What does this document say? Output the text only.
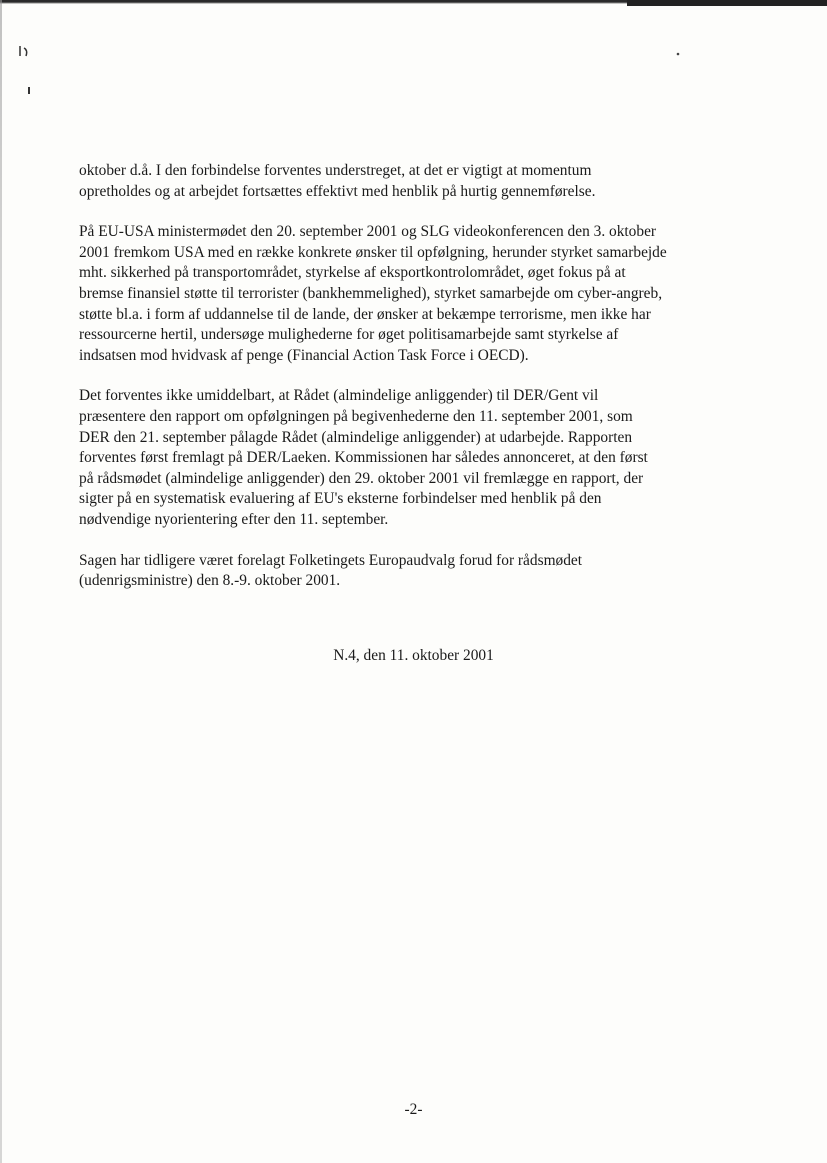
oktober d.å. I den forbindelse forventes understreget, at det er vigtigt at momentum
opretholdes og at arbejdet fortsættes effektivt med henblik på hurtig gennemførelse.

På EU-USA ministermødet den 20. september 2001 og SLG videokonferencen den 3. oktober
2001 fremkom USA med en række konkrete ønsker til opfølgning, herunder styrket samarbejde
mht. sikkerhed på transportområdet, styrkelse af eksportkontrolområdet, øget fokus på at
bremse finansiel støtte til terrorister (bankhemmelighed), styrket samarbejde om cyber-angreb,
støtte bl.a. i form af uddannelse til de lande, der ønsker at bekæmpe terrorisme, men ikke har
ressourcerne hertil, undersøge mulighederne for øget politisamarbejde samt styrkelse af
indsatsen mod hvidvask af penge (Financial Action Task Force i OECD).

Det forventes ikke umiddelbart, at Rådet (almindelige anliggender) til DER/Gent vil
præsentere den rapport om opfølgningen på begivenhederne den 11. september 2001, som
DER den 21. september pålagde Rådet (almindelige anliggender) at udarbejde. Rapporten
forventes først fremlagt på DER/Laeken. Kommissionen har således annonceret, at den først
på rådsmødet (almindelige anliggender) den 29. oktober 2001 vil fremlægge en rapport, der
sigter på en systematisk evaluering af EU's eksterne forbindelser med henblik på den
nødvendige nyorientering efter den 11. september.

Sagen har tidligere været forelagt Folketingets Europaudvalg forud for rådsmødet
(udenrigsministre) den 8.-9. oktober 2001.

N.4, den 11. oktober 2001
-2-
